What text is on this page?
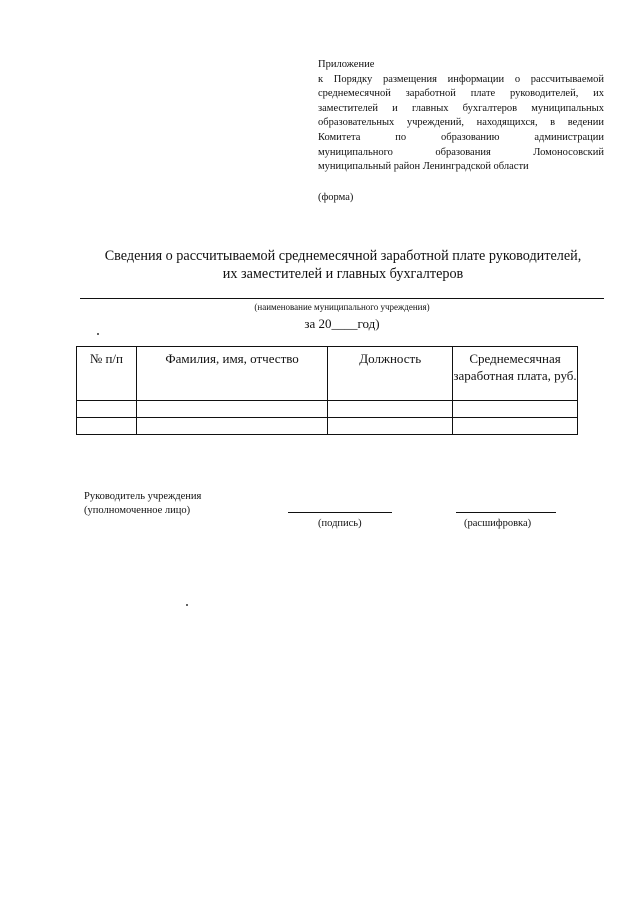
Приложение
к Порядку размещения информации о рассчитываемой
среднемесячной заработной плате руководителей, их
заместителей и главных бухгалтеров муниципальных
образовательных учреждений, находящихся, в ведении
Комитета по образованию администрации
муниципального образования Ломоносовский
муниципальный район Ленинградской области
(форма)
Сведения о рассчитываемой среднемесячной заработной плате руководителей,
их заместителей и главных бухгалтеров
(наименование муниципального учреждения)
за 20____год)
№ п/п	Фамилия, имя, отчество	Должность	Среднемесячная заработная плата, руб.

Руководитель учреждения
(уполномоченное лицо)
(подпись)	(расшифровка)
